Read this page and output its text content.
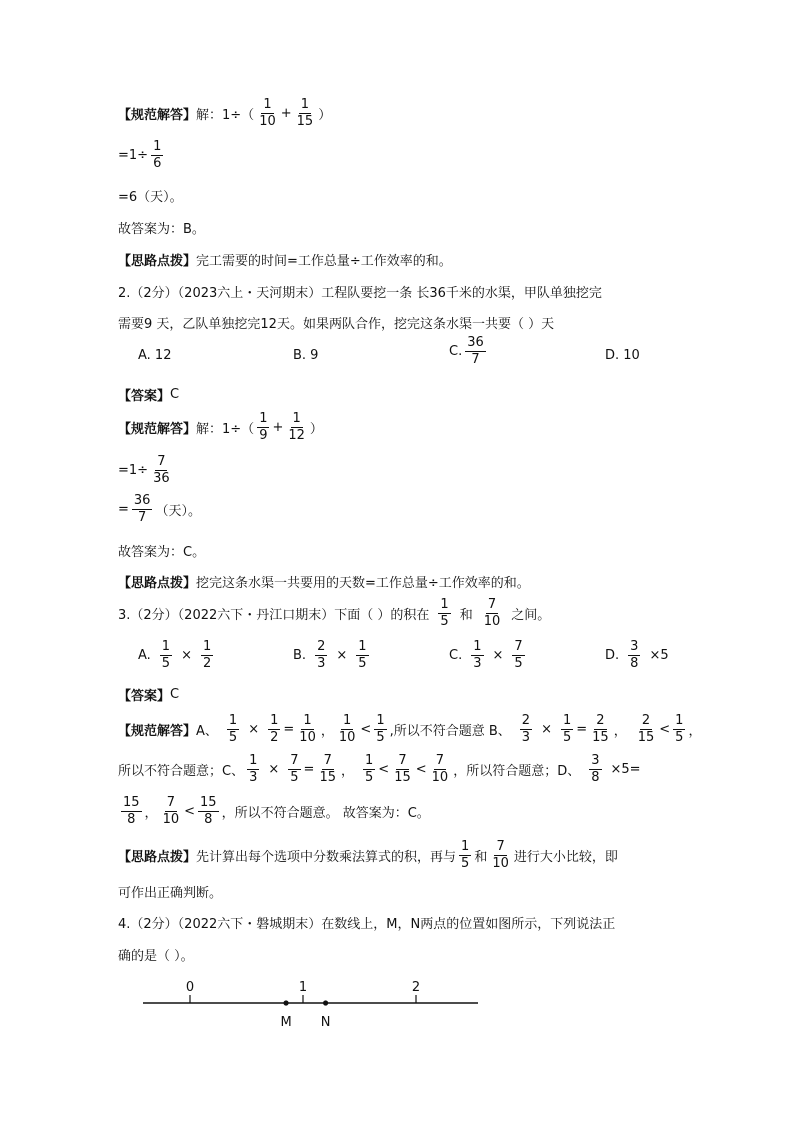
【规范解答】 解：$1\div( \frac{1}{10} + \frac{1}{15}$ ）
$=1\div \frac{1}{6}$
=6（天）。
故答案为：B。
【思路点拨】 完工需要的时间=工作总量÷工作效率的和。
2.（2分）（2023六上・天河期末）工程队要挖一条 长36千米的水渠，甲队单独挖完
需要9 天，乙队单独挖完12天。如果两队合作，挖完这条水渠一共要（ ）天
A. 12	B. 9	C. $\frac{36}{7}$	D. 10
【答案】 C
【规范解答】 解：$1\div( \frac{1}{9} + \frac{1}{12}$ ）
$=1\div \frac{7}{36}$
= $\frac{36}{7}$ （天）。
故答案为：C。
【思路点拨】 挖完这条水渠一共要用的天数=工作总量÷工作效率的和。
3.（2分）（2022六下・丹江口期末）下面（ ）的积在 $\frac{1}{5}$ 和 $\frac{7}{10}$ 之间。
A. $\frac{1}{5} \times \frac{1}{2}$	B. $\frac{2}{3} \times \frac{1}{5}$	C. $\frac{1}{3} \times \frac{7}{5}$	D. $\frac{3}{8} \times 5$
【答案】 C
【规范解答】 A、 $\frac{1}{5} \times \frac{1}{2} = \frac{1}{10}$ ， $\frac{1}{10} < \frac{1}{5}$ ,所以不符合题意 B、 $\frac{2}{3} \times \frac{1}{5} = \frac{2}{15}$ ， $\frac{2}{15} < \frac{1}{5}$ ，
所以不符合题意；C、 $\frac{1}{3} \times \frac{7}{5} = \frac{7}{15}$ ， $\frac{1}{5} < \frac{7}{15} < \frac{7}{10}$ ，所以符合题意；D、 $\frac{3}{8} \times 5=$
$\frac{15}{8}$ ， $\frac{7}{10} < \frac{15}{8}$ ，所以不符合题意。 故答案为：C。
【思路点拨】 先计算出每个选项中分数乘法算式的积，再与 $\frac{1}{5}$ 和 $\frac{7}{10}$ 进行大小比较，即
可作出正确判断。
4.（2分）（2022六下・磐城期末）在数线上，M，N两点的位置如图所示，下列说法正
确的是（ ）。
0	1	2
M N
